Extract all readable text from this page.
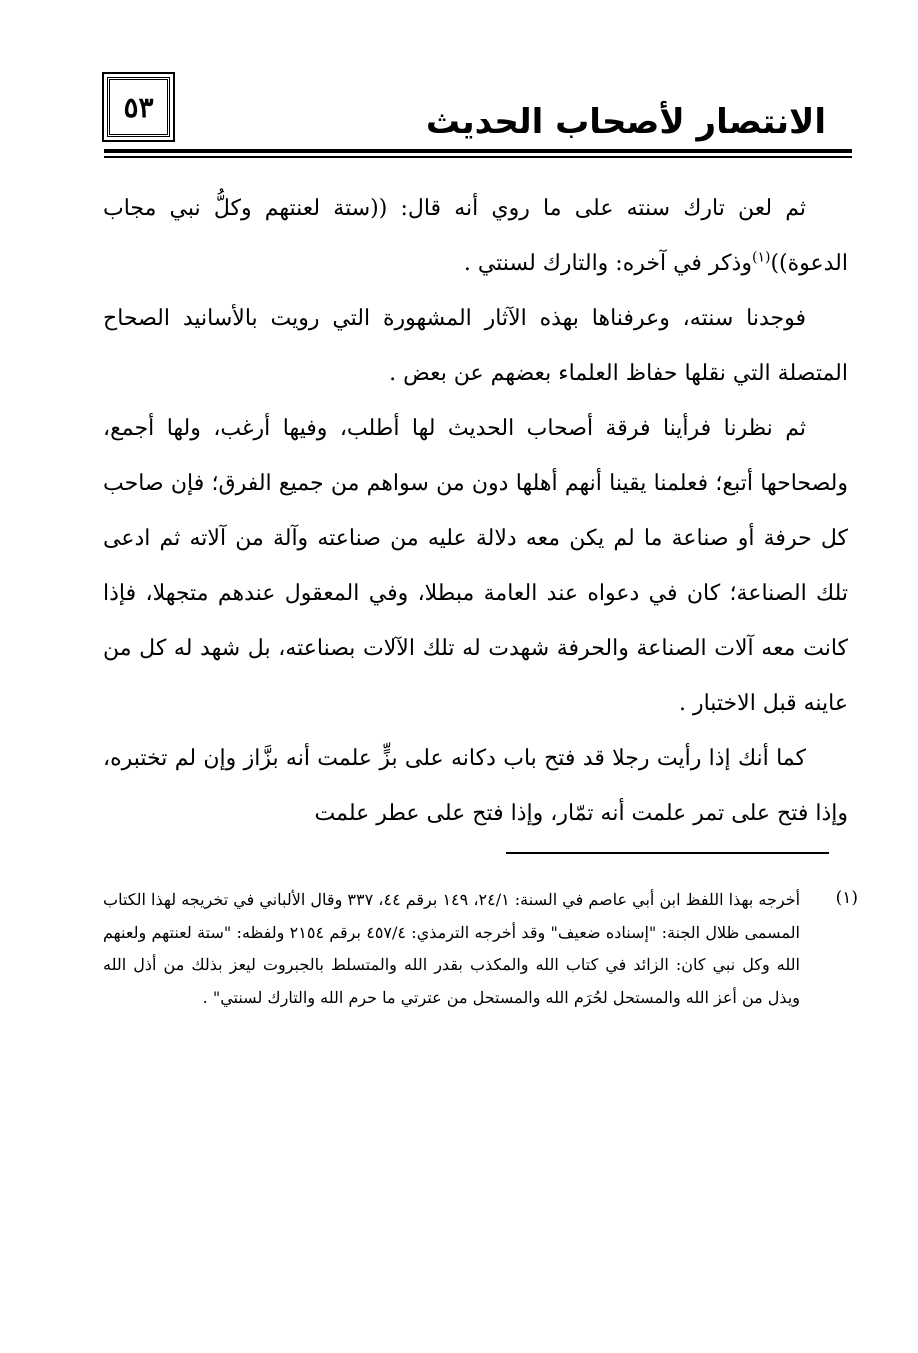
٥٣	الانتصار لأصحاب الحديث

ثم لعن تارك سنته على ما روي أنه قال: ((ستة لعنتهم وكلُّ نبي مجاب الدعوة))$^{(١)}$وذكر في آخره: والتارك لسنتي .

فوجدنا سنته، وعرفناها بهذه الآثار المشهورة التي رويت بالأسانيد الصحاح المتصلة التي نقلها حفاظ العلماء بعضهم عن بعض .

ثم نظرنا فرأينا فرقة أصحاب الحديث لها أطلب، وفيها أرغب، ولها أجمع، ولصحاحها أتبع؛ فعلمنا يقينا أنهم أهلها دون من سواهم من جميع الفرق؛ فإن صاحب كل حرفة أو صناعة ما لم يكن معه دلالة عليه من صناعته وآلة من آلاته ثم ادعى تلك الصناعة؛ كان في دعواه عند العامة مبطلا، وفي المعقول عندهم متجهلا، فإذا كانت معه آلات الصناعة والحرفة شهدت له تلك الآلات بصناعته، بل شهد له كل من عاينه قبل الاختبار .

كما أنك إذا رأيت رجلا قد فتح باب دكانه على بزٍّ علمت أنه بزَّاز وإن لم تختبره، وإذا فتح على تمر علمت أنه تمّار، وإذا فتح على عطر علمت

(١)
أخرجه بهذا اللفظ ابن أبي عاصم في السنة: ٢٤/١، ١٤٩ برقم ٤٤، ٣٣٧ وقال الألباني في تخريجه لهذا الكتاب المسمى ظلال الجنة: "إسناده ضعيف" وقد أخرجه الترمذي: ٤٥٧/٤ برقم ٢١٥٤ ولفظه: "ستة لعنتهم ولعنهم الله وكل نبي كان: الزائد في كتاب الله والمكذب بقدر الله والمتسلط بالجبروت ليعز بذلك من أذل الله ويذل من أعز الله والمستحل لحُرَم الله والمستحل من عترتي ما حرم الله والتارك لسنتي" .
